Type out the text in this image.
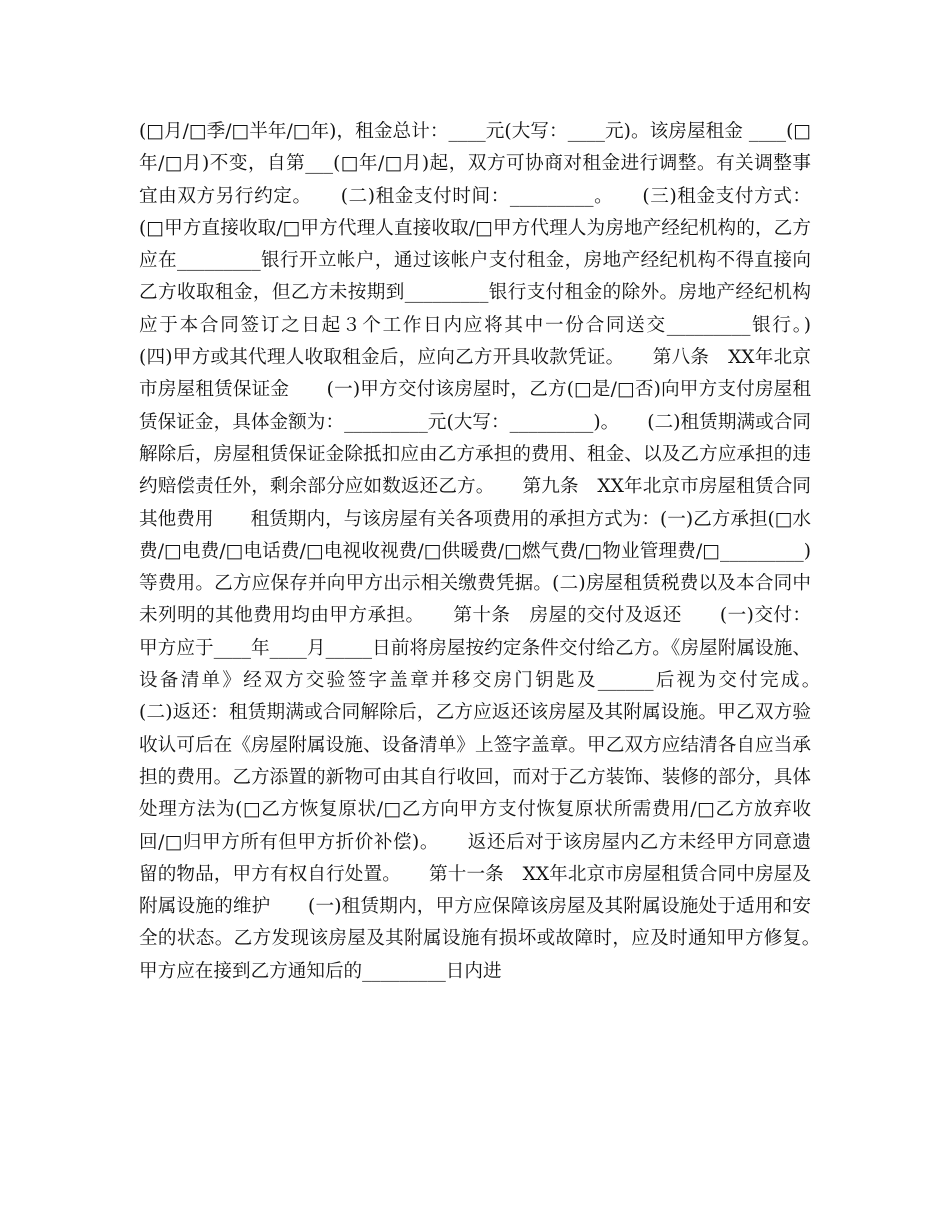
(□月/□季/□半年/□年)，租金总计：____元(大写：____元)。该房屋租金 ____(□年/□月)不变，自第___(□年/□月)起，双方可协商对租金进行调整。有关调整事宜由双方另行约定。　　(二)租金支付时间：_________。　　(三)租金支付方式：(□甲方直接收取/□甲方代理人直接收取/□甲方代理人为房地产经纪机构的，乙方应在_________银行开立帐户，通过该帐户支付租金，房地产经纪机构不得直接向乙方收取租金，但乙方未按期到_________银行支付租金的除外。房地产经纪机构应于本合同签订之日起３个工作日内应将其中一份合同送交_________银行。)　　(四)甲方或其代理人收取租金后，应向乙方开具收款凭证。　　第八条　XX年北京市房屋租赁保证金　　(一)甲方交付该房屋时，乙方(□是/□否)向甲方支付房屋租赁保证金，具体金额为：_________元(大写：_________)。　　(二)租赁期满或合同解除后，房屋租赁保证金除抵扣应由乙方承担的费用、租金、以及乙方应承担的违约赔偿责任外，剩余部分应如数返还乙方。　　第九条　XX年北京市房屋租赁合同其他费用　　租赁期内，与该房屋有关各项费用的承担方式为：(一)乙方承担(□水费/□电费/□电话费/□电视收视费/□供暖费/□燃气费/□物业管理费/□_________)等费用。乙方应保存并向甲方出示相关缴费凭据。(二)房屋租赁税费以及本合同中未列明的其他费用均由甲方承担。　　第十条　房屋的交付及返还　　(一)交付：甲方应于____年____月_____日前将房屋按约定条件交付给乙方。《房屋附属设施、设备清单》经双方交验签字盖章并移交房门钥匙及______后视为交付完成。　　(二)返还：租赁期满或合同解除后，乙方应返还该房屋及其附属设施。甲乙双方验收认可后在《房屋附属设施、设备清单》上签字盖章。甲乙双方应结清各自应当承担的费用。乙方添置的新物可由其自行收回，而对于乙方装饰、装修的部分，具体处理方法为(□乙方恢复原状/□乙方向甲方支付恢复原状所需费用/□乙方放弃收回/□归甲方所有但甲方折价补偿)。　　返还后对于该房屋内乙方未经甲方同意遗留的物品，甲方有权自行处置。　　第十一条　XX年北京市房屋租赁合同中房屋及附属设施的维护　　(一)租赁期内，甲方应保障该房屋及其附属设施处于适用和安全的状态。乙方发现该房屋及其附属设施有损坏或故障时，应及时通知甲方修复。　　甲方应在接到乙方通知后的_________日内进
